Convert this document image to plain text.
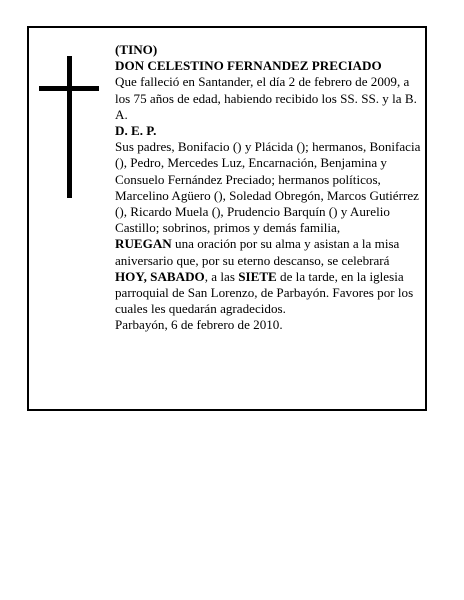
(TINO)

DON CELESTINO FERNANDEZ PRECIADO

Que falleció en Santander, el día 2 de febrero de 2009, a los 75 años de edad, habiendo recibido los SS. SS. y la B. A.

D. E. P.

Sus padres, Bonifacio () y Plácida (); hermanos, Bonifacia (), Pedro, Mercedes Luz, Encarnación, Benjamina y Consuelo Fernández Preciado; hermanos políticos, Marcelino Agüero (), Soledad Obregón, Marcos Gutiérrez (), Ricardo Muela (), Prudencio Barquín () y Aurelio Castillo; sobrinos, primos y demás familia,

RUEGAN una oración por su alma y asistan a la misa aniversario que, por su eterno descanso, se celebrará HOY, SABADO, a las SIETE de la tarde, en la iglesia parroquial de San Lorenzo, de Parbayón. Favores por los cuales les quedarán agradecidos.

Parbayón, 6 de febrero de 2010.
